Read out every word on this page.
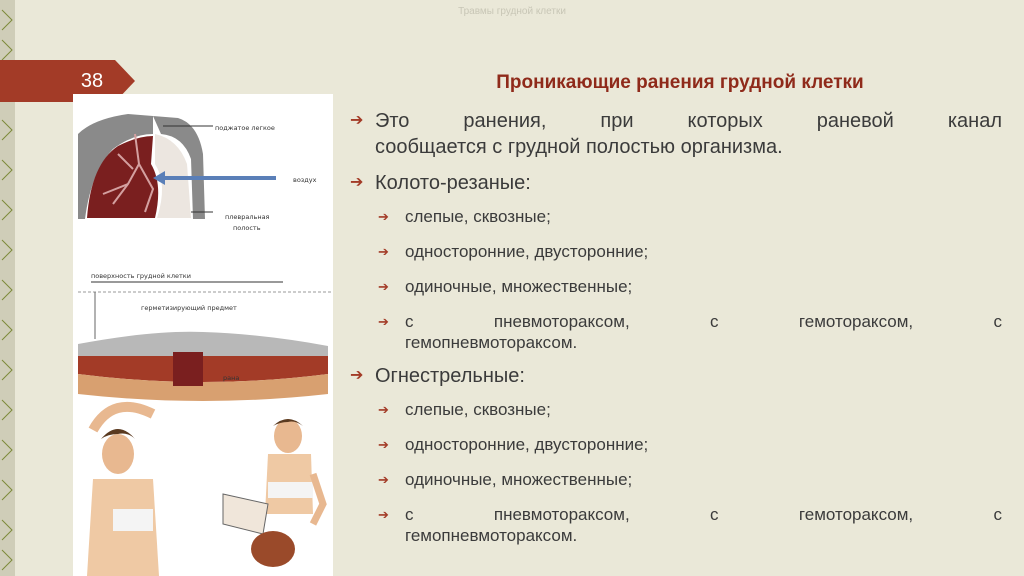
Травмы грудной клетки
38	Проникающие ранения грудной клетки
поджатое легкое
воздух
плевральная
полость
поверхность грудной клетки
герметизирующий предмет
рана
➔ Это ранения, при которых раневой канал
сообщается с грудной полостью организма.
➔ Колото-резаные:
➔ слепые, сквозные;
➔ односторонние, двусторонние;
➔ одиночные, множественные;
➔ с пневмотораксом, с гемотораксом, с
гемопневмотораксом.
➔ Огнестрельные:
➔ слепые, сквозные;
➔ односторонние, двусторонние;
➔ одиночные, множественные;
➔ с пневмотораксом, с гемотораксом, с
гемопневмотораксом.
